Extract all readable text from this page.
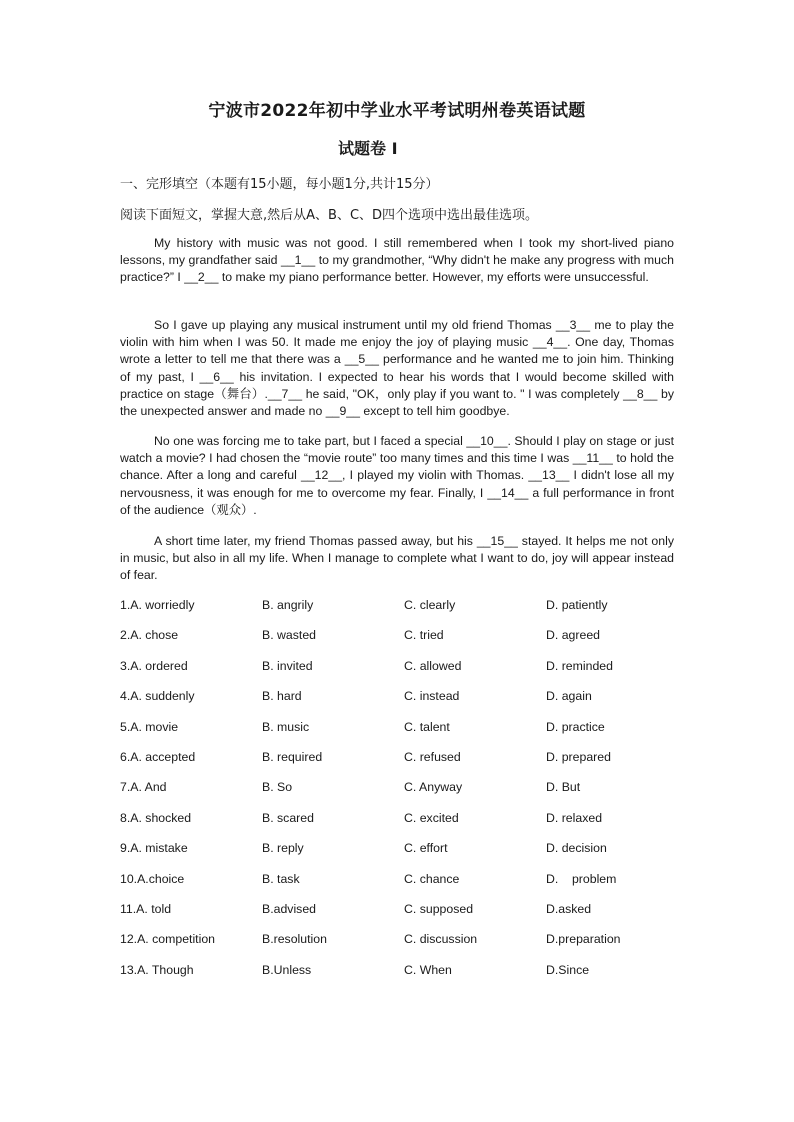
宁波市2022年初中学业水平考试明州卷英语试题
试题卷 Ⅰ
一、完形填空（本题有15小题，每小题1分,共计15分）
阅读下面短文，掌握大意,然后从A、B、C、D四个选项中选出最佳选项。

My history with music was not good. I still remembered when I took my short-lived piano lessons, my grandfather said __1__ to my grandmother, “Why didn't he make any progress with much practice?” I __2__ to make my piano performance better. However, my efforts were unsuccessful.

So I gave up playing any musical instrument until my old friend Thomas __3__ me to play the violin with him when I was 50. It made me enjoy the joy of playing music __4__. One day, Thomas wrote a letter to tell me that there was a __5__ performance and he wanted me to join him. Thinking of my past, I __6__ his invitation. I expected to hear his words that I would become skilled with practice on stage（舞台）.__7__ he said, "OK，only play if you want to. " I was completely __8__ by the unexpected answer and made no __9__ except to tell him goodbye.

No one was forcing me to take part, but I faced a special __10__. Should I play on stage or just watch a movie? I had chosen the “movie route” too many times and this time I was __11__ to hold the chance. After a long and careful __12__, I played my violin with Thomas. __13__ I didn't lose all my nervousness, it was enough for me to overcome my fear. Finally, I __14__ a full performance in front of the audience（观众）.

A short time later, my friend Thomas passed away, but his __15__ stayed. It helps me not only in music, but also in all my life. When I manage to complete what I want to do, joy will appear instead of fear.

1.A. worriedly	B. angrily	C. clearly	D. patiently
2.A. chose	B. wasted	C. tried	D. agreed
3.A. ordered	B. invited	C. allowed	D. reminded
4.A. suddenly	B. hard	C. instead	D. again
5.A. movie	B. music	C. talent	D. practice
6.A. accepted	B. required	C. refused	D. prepared
7.A. And	B. So	C. Anyway	D. But
8.A. shocked	B. scared	C. excited	D. relaxed
9.A. mistake	B. reply	C. effort	D. decision
10.A.choice	B. task	C. chance	D.    problem
11.A. told	B.advised	C. supposed	D.asked
12.A. competition	B.resolution	C. discussion	D.preparation
13.A. Though	B.Unless	C. When	D.Since
